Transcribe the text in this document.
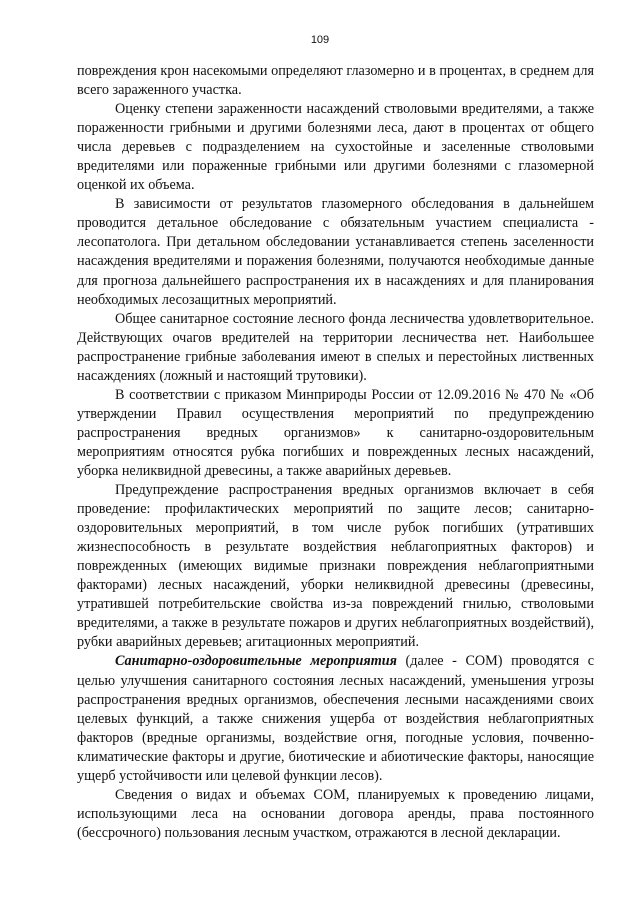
109

повреждения крон насекомыми определяют глазомерно и в процентах, в среднем для всего зараженного участка.

Оценку степени зараженности насаждений стволовыми вредителями, а также пораженности грибными и другими болезнями леса, дают в процентах от общего числа деревьев с подразделением на сухостойные и заселенные стволовыми вредителями или пораженные грибными или другими болезнями с глазомерной оценкой их объема.

В зависимости от результатов глазомерного обследования в дальнейшем проводится детальное обследование с обязательным участием специалиста - лесопатолога. При детальном обследовании устанавливается степень заселенности насаждения вредителями и поражения болезнями, получаются необходимые данные для прогноза дальнейшего распространения их в насаждениях и для планирования необходимых лесозащитных мероприятий.

Общее санитарное состояние лесного фонда лесничества удовлетворительное. Действующих очагов вредителей на территории лесничества нет. Наибольшее распространение грибные заболевания имеют в спелых и перестойных лиственных насаждениях (ложный и настоящий трутовики).

В соответствии с приказом Минприроды России от 12.09.2016 № 470 № «Об утверждении Правил осуществления мероприятий по предупреждению распространения вредных организмов» к санитарно-оздоровительным мероприятиям относятся рубка погибших и поврежденных лесных насаждений, уборка неликвидной древесины, а также аварийных деревьев.

Предупреждение распространения вредных организмов включает в себя проведение: профилактических мероприятий по защите лесов; санитарно-оздоровительных мероприятий, в том числе рубок погибших (утративших жизнеспособность в результате воздействия неблагоприятных факторов) и поврежденных (имеющих видимые признаки повреждения неблагоприятными факторами) лесных насаждений, уборки неликвидной древесины (древесины, утратившей потребительские свойства из-за повреждений гнилью, стволовыми вредителями, а также в результате пожаров и других неблагоприятных воздействий), рубки аварийных деревьев; агитационных мероприятий.

Санитарно-оздоровительные мероприятия (далее - СОМ) проводятся с целью улучшения санитарного состояния лесных насаждений, уменьшения угрозы распространения вредных организмов, обеспечения лесными насаждениями своих целевых функций, а также снижения ущерба от воздействия неблагоприятных факторов (вредные организмы, воздействие огня, погодные условия, почвенно-климатические факторы и другие, биотические и абиотические факторы, наносящие ущерб устойчивости или целевой функции лесов).

Сведения о видах и объемах СОМ, планируемых к проведению лицами, использующими леса на основании договора аренды, права постоянного (бессрочного) пользования лесным участком, отражаются в лесной декларации.
